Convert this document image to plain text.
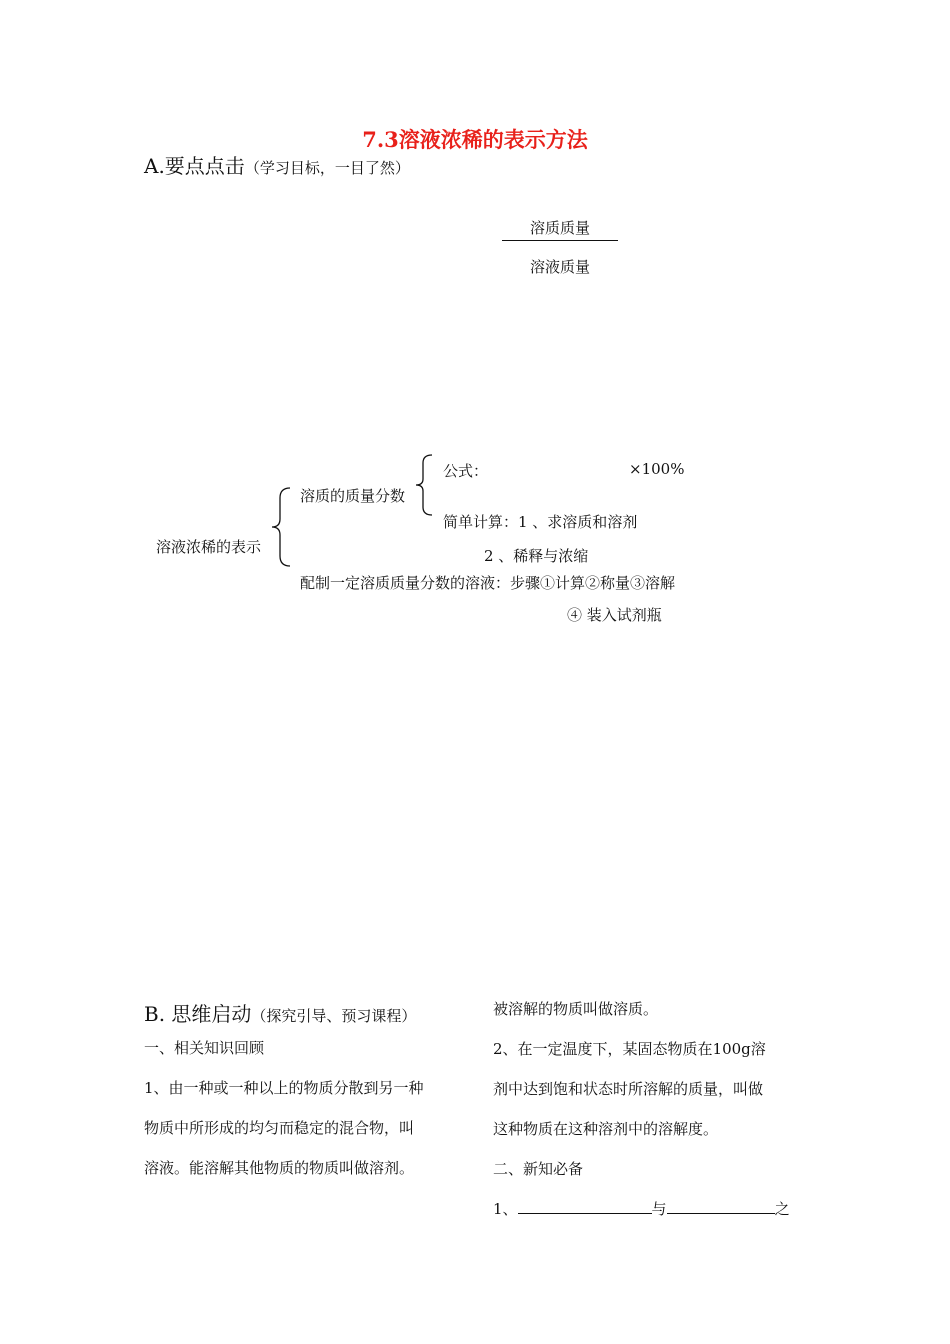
7.3溶液浓稀的表示方法
A.要点点击（学习目标，一目了然）
溶质质量
溶液质量
溶液浓稀的表示
溶质的质量分数
公式：	×100%
简单计算：1 、求溶质和溶剂
2 、稀释与浓缩
配制一定溶质质量分数的溶液：步骤①计算②称量③溶解
④ 装入试剂瓶
B. 思维启动（探究引导、预习课程）

一、相关知识回顾

1、由一种或一种以上的物质分散到另一种

物质中所形成的均匀而稳定的混合物，叫

溶液。能溶解其他物质的物质叫做溶剂。

被溶解的物质叫做溶质。

2、在一定温度下，某固态物质在100g溶

剂中达到饱和状态时所溶解的质量，叫做

这种物质在这种溶剂中的溶解度。

二、新知必备

1、	与	之
